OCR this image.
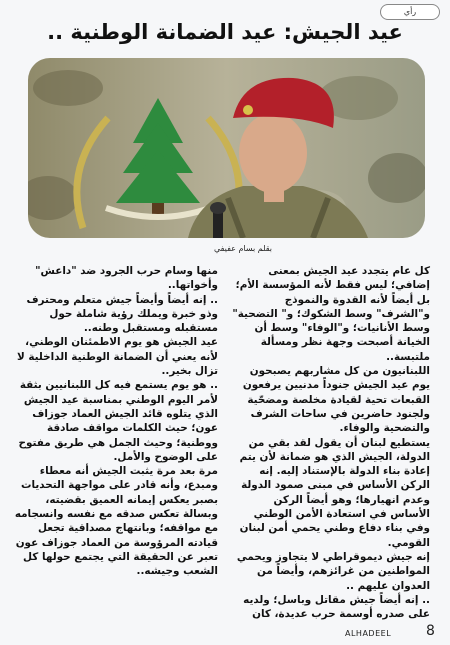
رأي
عيد الجيش: عيد الضمانة الوطنية ..
بقلم بسام عفيفي

كل عام يتجدد عيد الجيش بمعنى إضافي؛ ليس فقط لأنه المؤسسة الأم؛ بل أيضاً لأنه القدوة والنموذج و"الشرف" وسط الشكوك؛ و" التضحية" وسط الأنانيات؛ و"الوفاء" وسط أن الخيانة أصبحت وجهة نظر ومسألة ملتبسة..

اللبنانيون من كل مشاربهم يصبحون يوم عيد الجيش جنوداً مدنيين يرفعون القبعات تحية لقيادة مخلصة ومضحّية ولجنود حاضرين في ساحات الشرف والتضحية والوفاء.

يستطيع لبنان أن يقول لقد بقي من الدولة، الجيش الذي هو ضمانة لأن يتم إعادة بناء الدولة بالإستناد إليه. إنه الركن الأساس في مبنى صمود الدولة وعدم انهيارها؛ وهو أيضاً الركن الأساس في استعادة الأمن الوطني وفي بناء دفاع وطني يحمي أمن لبنان القومي.

إنه جيش ديموقراطي لا يتجاوز ويحمي المواطنين من غرائزهم، وأيضاً من العدوان عليهم ..

.. إنه أيضاً جيش مقاتل وباسل؛ ولديه على صدره أوسمة حرب عديدة، كان

منها وسام حرب الجرود ضد "داعش" وأخواتها..

.. إنه أيضاً وأيضاً جيش متعلم ومحترف وذو خبرة ويملك رؤية شاملة حول مستقبله ومستقبل وطنه..

عيد الجيش هو يوم الاطمئنان الوطني، لأنه يعني أن الضمانة الوطنية الداخلية لا تزال بخير..

.. هو يوم يستمع فيه كل اللبنانيين بثقة لأمر اليوم الوطني بمناسبة عيد الجيش الذي يتلوه قائد الجيش العماد جوزاف عون؛ حيث الكلمات مواقف صادقة ووطنية؛ وحيث الجمل هي طريق مفتوح على الوضوح والأمل.

مرة بعد مرة يثبت الجيش أنه معطاء ومبدع، وأنه قادر على مواجهة التحديات بصبر يعكس إيمانه العميق بقضيته، وبسالة تعكس صدقه مع نفسه وانسجامه مع مواقفه؛ وبانتهاج مصداقية تجعل قيادته المرؤوسة من العماد جوزاف عون تعبر عن الحقيقة التي يجتمع حولها كل الشعب وجيشه..

ALHADEEL 8
